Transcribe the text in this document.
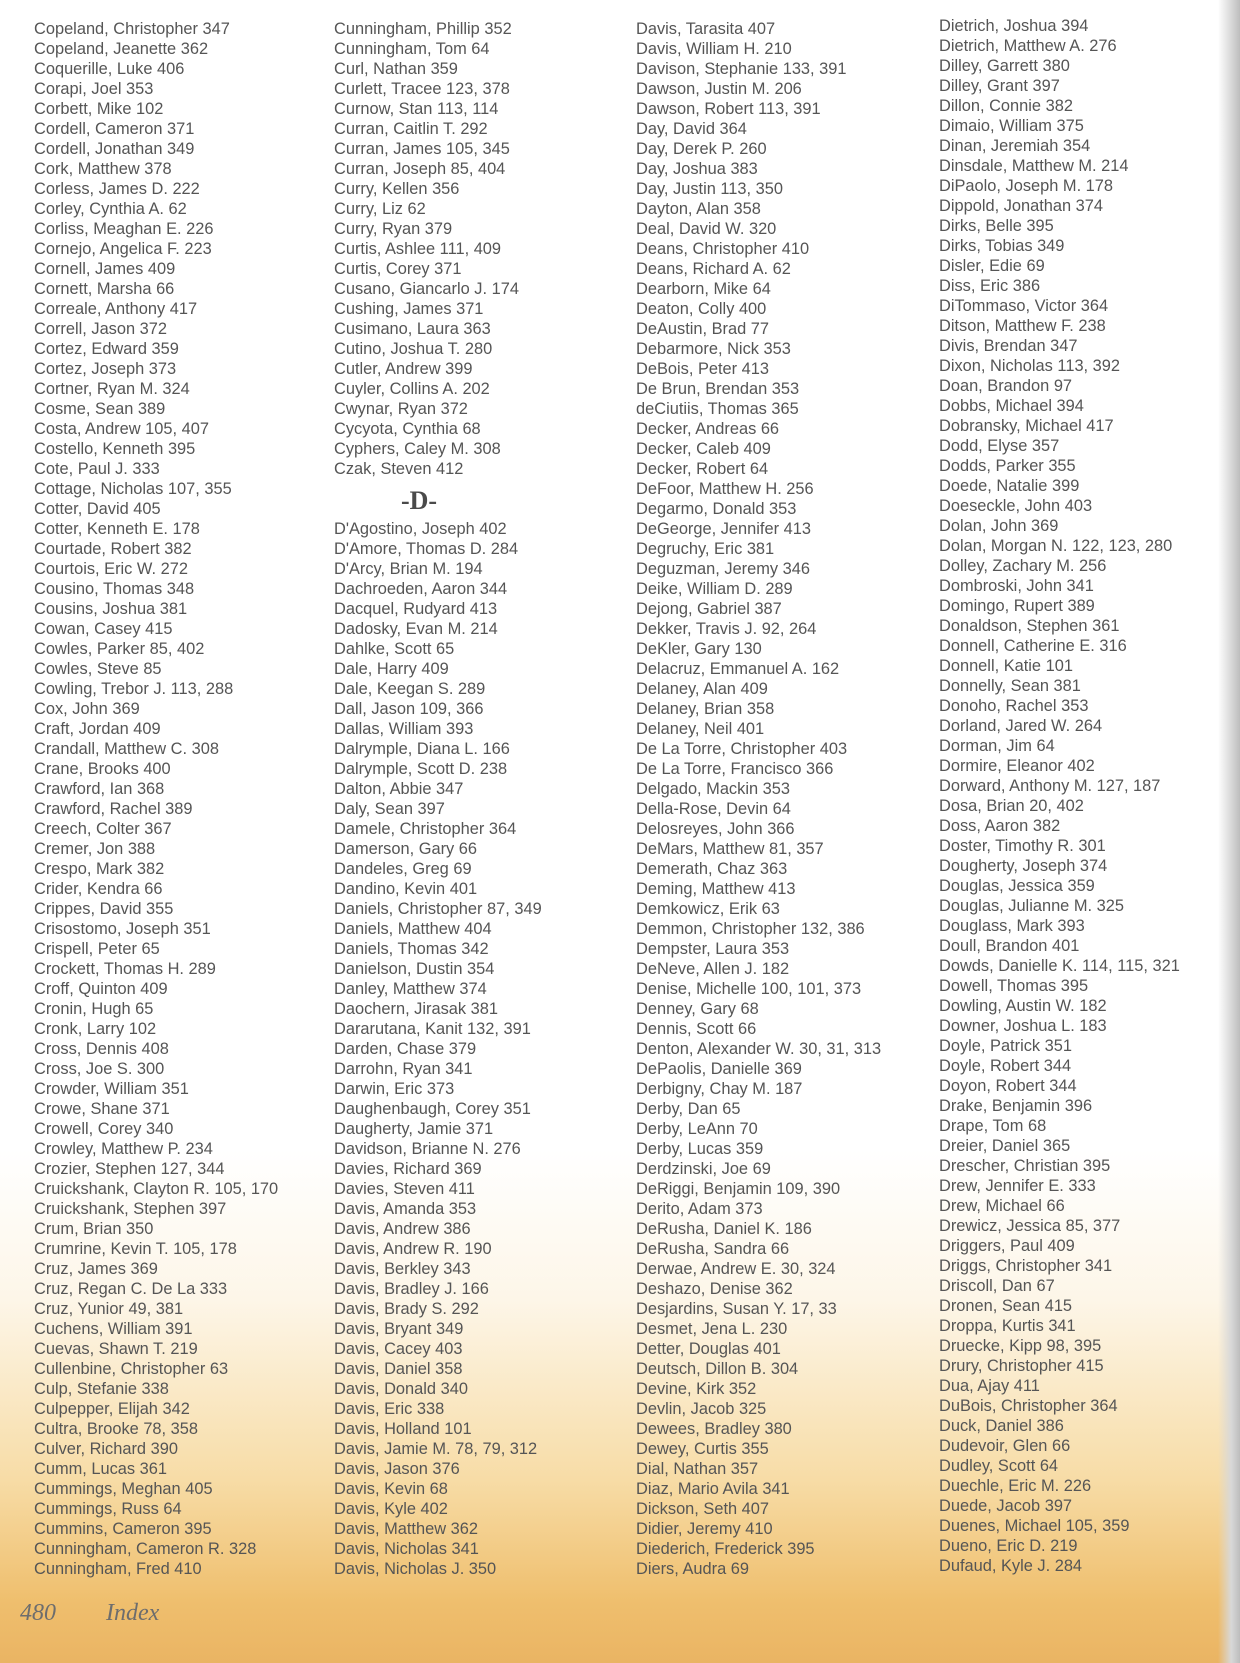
Copeland, Christopher 347
Copeland, Jeanette 362
Coquerille, Luke 406
Corapi, Joel 353
Corbett, Mike 102
Cordell, Cameron 371
Cordell, Jonathan 349
Cork, Matthew 378
Corless, James D. 222
Corley, Cynthia A. 62
Corliss, Meaghan E. 226
Cornejo, Angelica F. 223
Cornell, James 409
Cornett, Marsha 66
Correale, Anthony 417
Correll, Jason 372
Cortez, Edward 359
Cortez, Joseph 373
Cortner, Ryan M. 324
Cosme, Sean 389
Costa, Andrew 105, 407
Costello, Kenneth 395
Cote, Paul J. 333
Cottage, Nicholas 107, 355
Cotter, David 405
Cotter, Kenneth E. 178
Courtade, Robert 382
Courtois, Eric W. 272
Cousino, Thomas 348
Cousins, Joshua 381
Cowan, Casey 415
Cowles, Parker 85, 402
Cowles, Steve 85
Cowling, Trebor J. 113, 288
Cox, John 369
Craft, Jordan 409
Crandall, Matthew C. 308
Crane, Brooks 400
Crawford, Ian 368
Crawford, Rachel 389
Creech, Colter 367
Cremer, Jon 388
Crespo, Mark 382
Crider, Kendra 66
Crippes, David 355
Crisostomo, Joseph 351
Crispell, Peter 65
Crockett, Thomas H. 289
Croff, Quinton 409
Cronin, Hugh 65
Cronk, Larry 102
Cross, Dennis 408
Cross, Joe S. 300
Crowder, William 351
Crowe, Shane 371
Crowell, Corey 340
Crowley, Matthew P. 234
Crozier, Stephen 127, 344
Cruickshank, Clayton R. 105, 170
Cruickshank, Stephen 397
Crum, Brian 350
Crumrine, Kevin T. 105, 178
Cruz, James 369
Cruz, Regan C. De La 333
Cruz, Yunior 49, 381
Cuchens, William 391
Cuevas, Shawn T. 219
Cullenbine, Christopher 63
Culp, Stefanie 338
Culpepper, Elijah 342
Cultra, Brooke 78, 358
Culver, Richard 390
Cumm, Lucas 361
Cummings, Meghan 405
Cummings, Russ 64
Cummins, Cameron 395
Cunningham, Cameron R. 328
Cunningham, Fred 410
Cunningham, Phillip 352
Cunningham, Tom 64
Curl, Nathan 359
Curlett, Tracee 123, 378
Curnow, Stan 113, 114
Curran, Caitlin T. 292
Curran, James 105, 345
Curran, Joseph 85, 404
Curry, Kellen 356
Curry, Liz 62
Curry, Ryan 379
Curtis, Ashlee 111, 409
Curtis, Corey 371
Cusano, Giancarlo J. 174
Cushing, James 371
Cusimano, Laura 363
Cutino, Joshua T. 280
Cutler, Andrew 399
Cuyler, Collins A. 202
Cwynar, Ryan 372
Cycyota, Cynthia 68
Cyphers, Caley M. 308
Czak, Steven 412
-D-
D'Agostino, Joseph 402
D'Amore, Thomas D. 284
D'Arcy, Brian M. 194
Dachroeden, Aaron 344
Dacquel, Rudyard 413
Dadosky, Evan M. 214
Dahlke, Scott 65
Dale, Harry 409
Dale, Keegan S. 289
Dall, Jason 109, 366
Dallas, William 393
Dalrymple, Diana L. 166
Dalrymple, Scott D. 238
Dalton, Abbie 347
Daly, Sean 397
Damele, Christopher 364
Damerson, Gary 66
Dandeles, Greg 69
Dandino, Kevin 401
Daniels, Christopher 87, 349
Daniels, Matthew 404
Daniels, Thomas 342
Danielson, Dustin 354
Danley, Matthew 374
Daochern, Jirasak 381
Dararutana, Kanit 132, 391
Darden, Chase 379
Darrohn, Ryan 341
Darwin, Eric 373
Daughenbaugh, Corey 351
Daugherty, Jamie 371
Davidson, Brianne N. 276
Davies, Richard 369
Davies, Steven 411
Davis, Amanda 353
Davis, Andrew 386
Davis, Andrew R. 190
Davis, Berkley 343
Davis, Bradley J. 166
Davis, Brady S. 292
Davis, Bryant 349
Davis, Cacey 403
Davis, Daniel 358
Davis, Donald 340
Davis, Eric 338
Davis, Holland 101
Davis, Jamie M. 78, 79, 312
Davis, Jason 376
Davis, Kevin 68
Davis, Kyle 402
Davis, Matthew 362
Davis, Nicholas 341
Davis, Nicholas J. 350
Davis, Tarasita 407
Davis, William H. 210
Davison, Stephanie 133, 391
Dawson, Justin M. 206
Dawson, Robert 113, 391
Day, David 364
Day, Derek P. 260
Day, Joshua 383
Day, Justin 113, 350
Dayton, Alan 358
Deal, David W. 320
Deans, Christopher 410
Deans, Richard A. 62
Dearborn, Mike 64
Deaton, Colly 400
DeAustin, Brad 77
Debarmore, Nick 353
DeBois, Peter 413
De Brun, Brendan 353
deCiutiis, Thomas 365
Decker, Andreas 66
Decker, Caleb 409
Decker, Robert 64
DeFoor, Matthew H. 256
Degarmo, Donald 353
DeGeorge, Jennifer 413
Degruchy, Eric 381
Deguzman, Jeremy 346
Deike, William D. 289
Dejong, Gabriel 387
Dekker, Travis J. 92, 264
DeKler, Gary 130
Delacruz, Emmanuel A. 162
Delaney, Alan 409
Delaney, Brian 358
Delaney, Neil 401
De La Torre, Christopher 403
De La Torre, Francisco 366
Delgado, Mackin 353
Della-Rose, Devin 64
Delosreyes, John 366
DeMars, Matthew 81, 357
Demerath, Chaz 363
Deming, Matthew 413
Demkowicz, Erik 63
Demmon, Christopher 132, 386
Dempster, Laura 353
DeNeve, Allen J. 182
Denise, Michelle 100, 101, 373
Denney, Gary 68
Dennis, Scott 66
Denton, Alexander W. 30, 31, 313
DePaolis, Danielle 369
Derbigny, Chay M. 187
Derby, Dan 65
Derby, LeAnn 70
Derby, Lucas 359
Derdzinski, Joe 69
DeRiggi, Benjamin 109, 390
Derito, Adam 373
DeRusha, Daniel K. 186
DeRusha, Sandra 66
Derwae, Andrew E. 30, 324
Deshazo, Denise 362
Desjardins, Susan Y. 17, 33
Desmet, Jena L. 230
Detter, Douglas 401
Deutsch, Dillon B. 304
Devine, Kirk 352
Devlin, Jacob 325
Dewees, Bradley 380
Dewey, Curtis 355
Dial, Nathan 357
Diaz, Mario Avila 341
Dickson, Seth 407
Didier, Jeremy 410
Diederich, Frederick 395
Diers, Audra 69
Dietrich, Joshua 394
Dietrich, Matthew A. 276
Dilley, Garrett 380
Dilley, Grant 397
Dillon, Connie 382
Dimaio, William 375
Dinan, Jeremiah 354
Dinsdale, Matthew M. 214
DiPaolo, Joseph M. 178
Dippold, Jonathan 374
Dirks, Belle 395
Dirks, Tobias 349
Disler, Edie 69
Diss, Eric 386
DiTommaso, Victor 364
Ditson, Matthew F. 238
Divis, Brendan 347
Dixon, Nicholas 113, 392
Doan, Brandon 97
Dobbs, Michael 394
Dobransky, Michael 417
Dodd, Elyse 357
Dodds, Parker 355
Doede, Natalie 399
Doeseckle, John 403
Dolan, John 369
Dolan, Morgan N. 122, 123, 280
Dolley, Zachary M. 256
Dombroski, John 341
Domingo, Rupert 389
Donaldson, Stephen 361
Donnell, Catherine E. 316
Donnell, Katie 101
Donnelly, Sean 381
Donoho, Rachel 353
Dorland, Jared W. 264
Dorman, Jim 64
Dormire, Eleanor 402
Dorward, Anthony M. 127, 187
Dosa, Brian 20, 402
Doss, Aaron 382
Doster, Timothy R. 301
Dougherty, Joseph 374
Douglas, Jessica 359
Douglas, Julianne M. 325
Douglass, Mark 393
Doull, Brandon 401
Dowds, Danielle K. 114, 115, 321
Dowell, Thomas 395
Dowling, Austin W. 182
Downer, Joshua L. 183
Doyle, Patrick 351
Doyle, Robert 344
Doyon, Robert 344
Drake, Benjamin 396
Drape, Tom 68
Dreier, Daniel 365
Drescher, Christian 395
Drew, Jennifer E. 333
Drew, Michael 66
Drewicz, Jessica 85, 377
Driggers, Paul 409
Driggs, Christopher 341
Driscoll, Dan 67
Dronen, Sean 415
Droppa, Kurtis 341
Druecke, Kipp 98, 395
Drury, Christopher 415
Dua, Ajay 411
DuBois, Christopher 364
Duck, Daniel 386
Dudevoir, Glen 66
Dudley, Scott 64
Duechle, Eric M. 226
Duede, Jacob 397
Duenes, Michael 105, 359
Dueno, Eric D. 219
Dufaud, Kyle J. 284
480 Index
